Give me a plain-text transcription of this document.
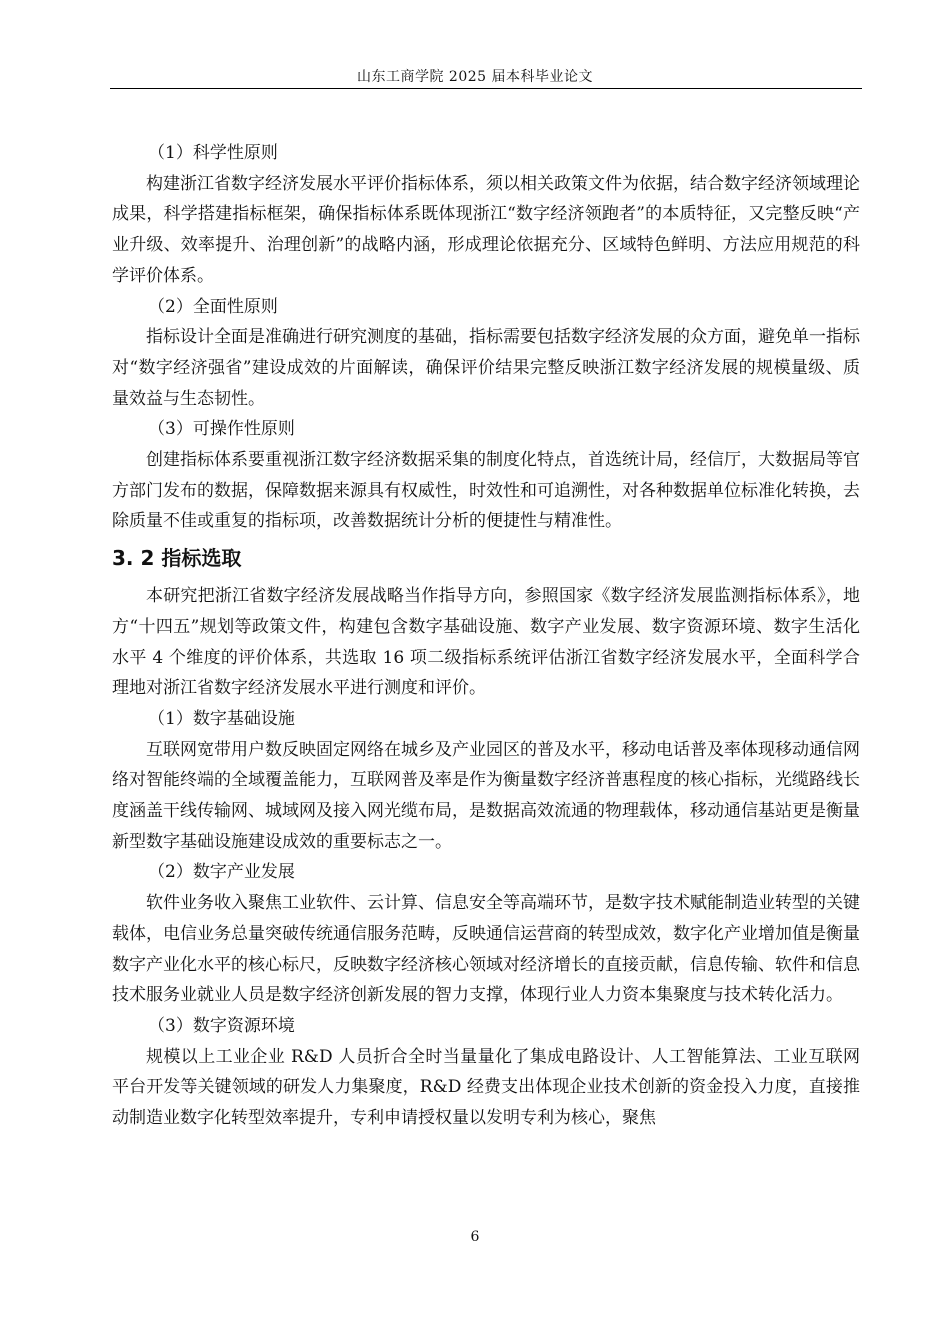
山东工商学院 2025 届本科毕业论文

（1）科学性原则

构建浙江省数字经济发展水平评价指标体系，须以相关政策文件为依据，结合数字经济领域理论成果，科学搭建指标框架，确保指标体系既体现浙江“数字经济领跑者”的本质特征，又完整反映“产业升级、效率提升、治理创新”的战略内涵，形成理论依据充分、区域特色鲜明、方法应用规范的科学评价体系。

（2）全面性原则

指标设计全面是准确进行研究测度的基础，指标需要包括数字经济发展的众方面，避免单一指标对“数字经济强省”建设成效的片面解读，确保评价结果完整反映浙江数字经济发展的规模量级、质量效益与生态韧性。

（3）可操作性原则

创建指标体系要重视浙江数字经济数据采集的制度化特点，首选统计局，经信厅，大数据局等官方部门发布的数据，保障数据来源具有权威性，时效性和可追溯性，对各种数据单位标准化转换，去除质量不佳或重复的指标项，改善数据统计分析的便捷性与精准性。

3. 2 指标选取

本研究把浙江省数字经济发展战略当作指导方向，参照国家《数字经济发展监测指标体系》，地方“十四五”规划等政策文件，构建包含数字基础设施、数字产业发展、数字资源环境、数字生活化水平 4 个维度的评价体系，共选取 16 项二级指标系统评估浙江省数字经济发展水平，全面科学合理地对浙江省数字经济发展水平进行测度和评价。

（1）数字基础设施

互联网宽带用户数反映固定网络在城乡及产业园区的普及水平，移动电话普及率体现移动通信网络对智能终端的全域覆盖能力，互联网普及率是作为衡量数字经济普惠程度的核心指标，光缆路线长度涵盖干线传输网、城域网及接入网光缆布局，是数据高效流通的物理载体，移动通信基站更是衡量新型数字基础设施建设成效的重要标志之一。

（2）数字产业发展

软件业务收入聚焦工业软件、云计算、信息安全等高端环节，是数字技术赋能制造业转型的关键载体，电信业务总量突破传统通信服务范畴，反映通信运营商的转型成效，数字化产业增加值是衡量数字产业化水平的核心标尺，反映数字经济核心领域对经济增长的直接贡献，信息传输、软件和信息技术服务业就业人员是数字经济创新发展的智力支撑，体现行业人力资本集聚度与技术转化活力。

（3）数字资源环境

规模以上工业企业 R&D 人员折合全时当量量化了集成电路设计、人工智能算法、工业互联网平台开发等关键领域的研发人力集聚度，R&D 经费支出体现企业技术创新的资金投入力度，直接推动制造业数字化转型效率提升，专利申请授权量以发明专利为核心，聚焦

6
